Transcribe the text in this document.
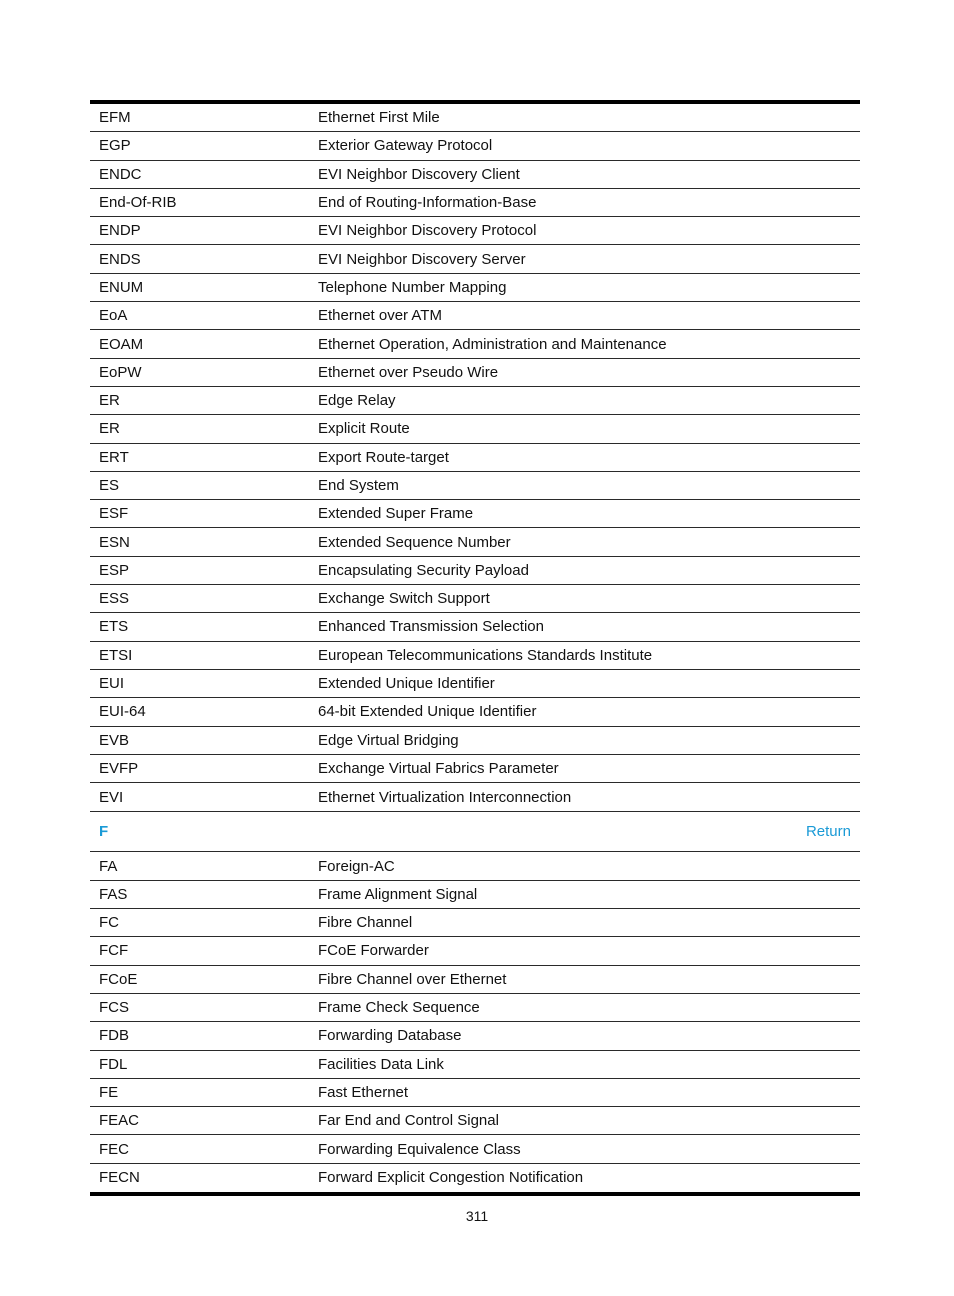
EFM	Ethernet First Mile
EGP	Exterior Gateway Protocol
ENDC	EVI Neighbor Discovery Client
End-Of-RIB	End of Routing-Information-Base
ENDP	EVI Neighbor Discovery Protocol
ENDS	EVI Neighbor Discovery Server
ENUM	Telephone Number Mapping
EoA	Ethernet over ATM
EOAM	Ethernet Operation, Administration and Maintenance
EoPW	Ethernet over Pseudo Wire
ER	Edge Relay
ER	Explicit Route
ERT	Export Route-target
ES	End System
ESF	Extended Super Frame
ESN	Extended Sequence Number
ESP	Encapsulating Security Payload
ESS	Exchange Switch Support
ETS	Enhanced Transmission Selection
ETSI	European Telecommunications Standards Institute
EUI	Extended Unique Identifier
EUI-64	64-bit Extended Unique Identifier
EVB	Edge Virtual Bridging
EVFP	Exchange Virtual Fabrics Parameter
EVI	Ethernet Virtualization Interconnection
F	Return
FA	Foreign-AC
FAS	Frame Alignment Signal
FC	Fibre Channel
FCF	FCoE Forwarder
FCoE	Fibre Channel over Ethernet
FCS	Frame Check Sequence
FDB	Forwarding Database
FDL	Facilities Data Link
FE	Fast Ethernet
FEAC	Far End and Control Signal
FEC	Forwarding Equivalence Class
FECN	Forward Explicit Congestion Notification
311
